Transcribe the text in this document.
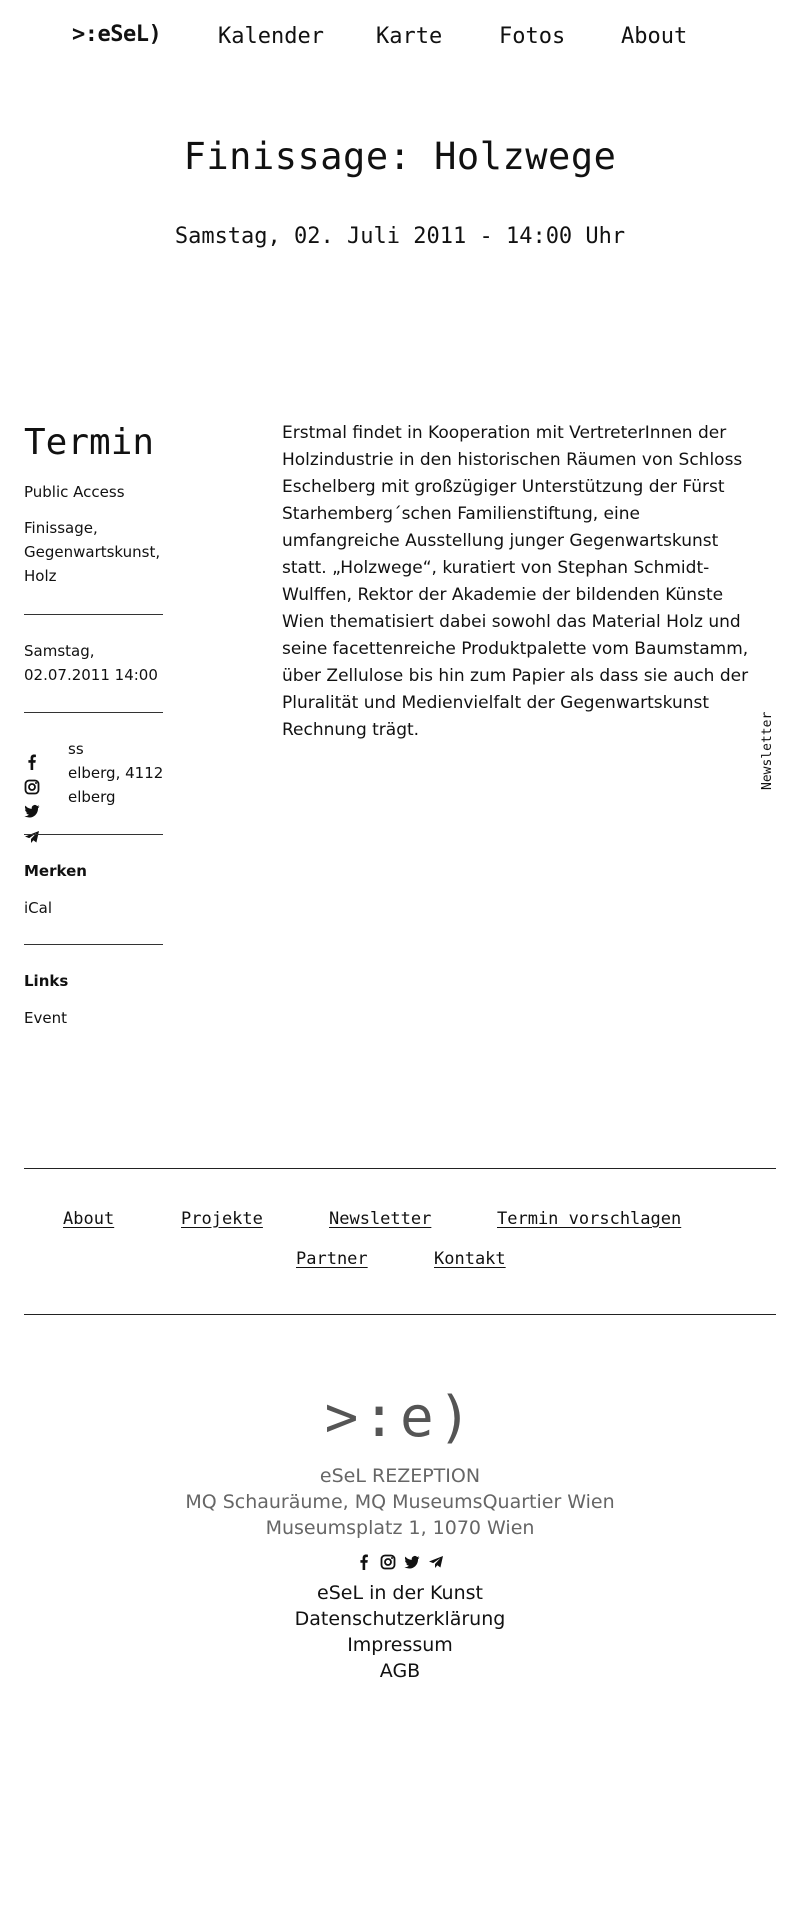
>:eSeL)	Kalender Karte	Fotos	About
Finissage: Holzwege
Samstag, 02. Juli 2011 - 14:00 Uhr
Termin
Public Access
Finissage,
Gegenwartskunst,
Holz
Samstag,
02.07.2011 14:00
ss
elberg, 4112
elberg
Merken
iCal
Links
Event
Erstmal findet in Kooperation mit VertreterInnen der Holzindustrie in den historischen Räumen von Schloss Eschelberg mit großzügiger Unterstützung der Fürst Starhemberg´schen Familienstiftung, eine umfangreiche Ausstellung junger Gegenwartskunst statt. „Holzwege“, kuratiert von Stephan Schmidt-Wulffen, Rektor der Akademie der bildenden Künste Wien thematisiert dabei sowohl das Material Holz und seine facettenreiche Produktpalette vom Baumstamm, über Zellulose bis hin zum Papier als dass sie auch der Pluralität und Medienvielfalt der Gegenwartskunst Rechnung trägt.	Newsletter
About	Projekte	Newsletter	Termin vorschlagen
Partner	Kontakt
>:e)
eSeL REZEPTION
MQ Schauräume, MQ MuseumsQuartier Wien
Museumsplatz 1, 1070 Wien
eSeL in der Kunst
Datenschutzerklärung
Impressum
AGB
